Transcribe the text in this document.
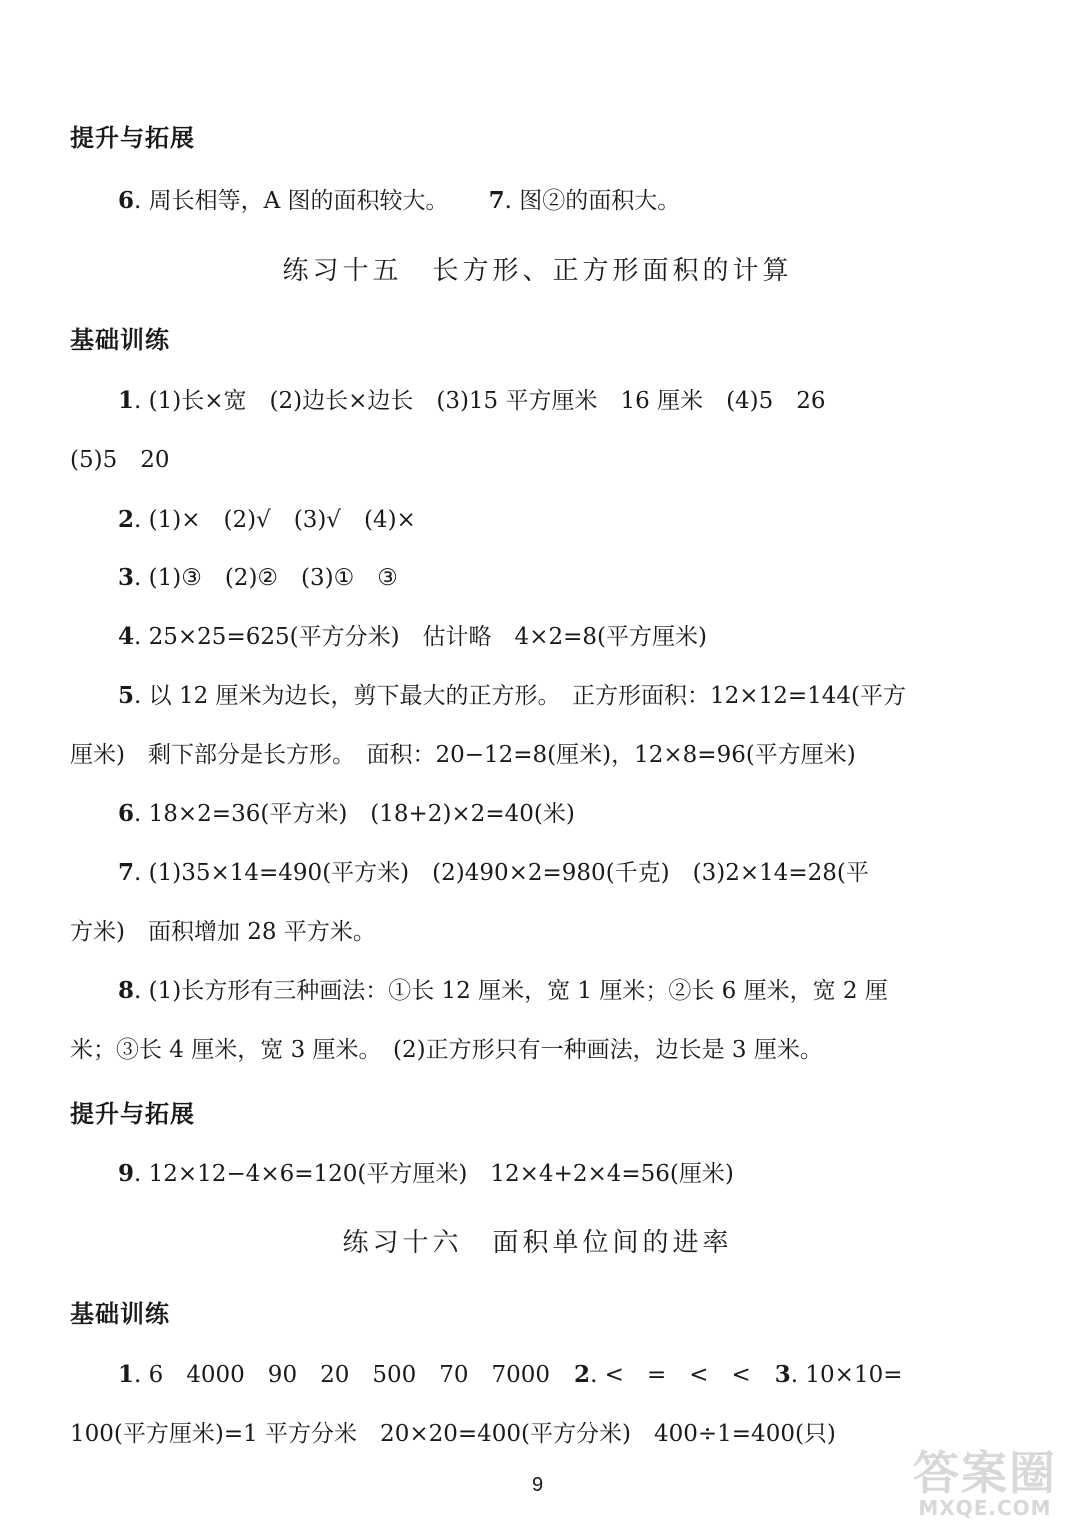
提升与拓展
6. 周长相等，A 图的面积较大。 7. 图②的面积大。
练习十五　长方形、正方形面积的计算
基础训练
1. (1)长×宽　(2)边长×边长　(3)15 平方厘米　16 厘米　(4)5　26
(5)5　20
2. (1)×　(2)√　(3)√　(4)×
3. (1)③　(2)②　(3)①　③
4. 25×25=625(平方分米)　估计略　4×2=8(平方厘米)
5. 以 12 厘米为边长，剪下最大的正方形。　正方形面积：12×12=144(平方
厘米)　剩下部分是长方形。　面积：20−12=8(厘米)，12×8=96(平方厘米)
6. 18×2=36(平方米)　(18+2)×2=40(米)
7. (1)35×14=490(平方米)　(2)490×2=980(千克)　(3)2×14=28(平
方米)　面积增加 28 平方米。
8. (1)长方形有三种画法：①长 12 厘米，宽 1 厘米；②长 6 厘米，宽 2 厘
米；③长 4 厘米，宽 3 厘米。　(2)正方形只有一种画法，边长是 3 厘米。
提升与拓展
9. 12×12−4×6=120(平方厘米)　12×4+2×4=56(厘米)
练习十六　面积单位间的进率
基础训练
1. 6　4000　90　20　500　70　7000 2. <　=　<　< 3. 10×10=
100(平方厘米)=1 平方分米　20×20=400(平方分米)　400÷1=400(只)
9	答案圈
MXQE.COM
